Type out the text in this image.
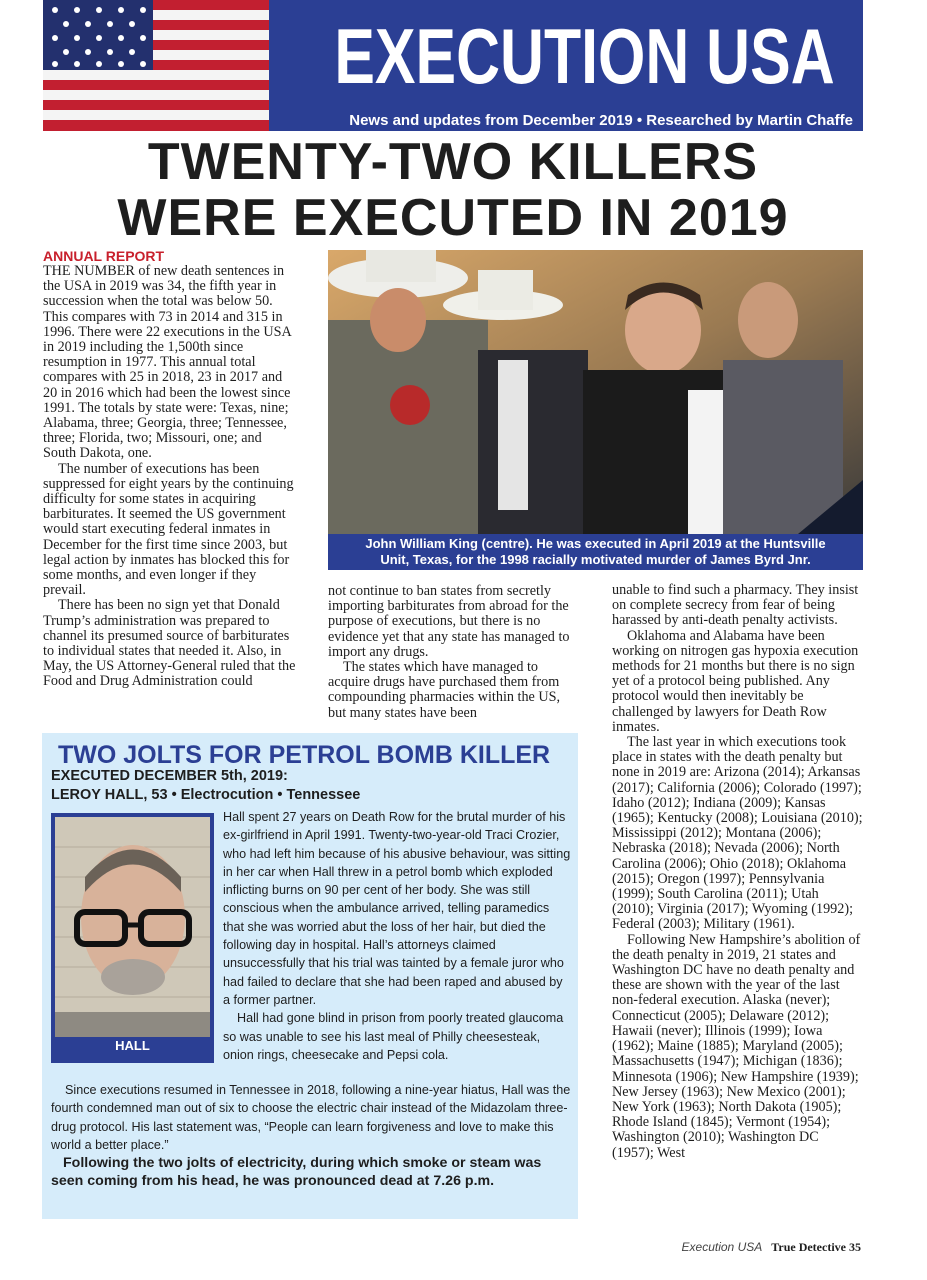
EXECUTION USA
News and updates from December 2019 • Researched by Martin Chaffe
TWENTY-TWO KILLERS
WERE EXECUTED IN 2019
ANNUAL REPORT

THE NUMBER of new death sentences in the USA in 2019 was 34, the fifth year in succession when the total was below 50. This compares with 73 in 2014 and 315 in 1996. There were 22 executions in the USA in 2019 including the 1,500th since resumption in 1977. This annual total compares with 25 in 2018, 23 in 2017 and 20 in 2016 which had been the lowest since 1991. The totals by state were: Texas, nine; Alabama, three; Georgia, three; Tennessee, three; Florida, two; Missouri, one; and South Dakota, one.

The number of executions has been suppressed for eight years by the continuing difficulty for some states in acquiring barbiturates. It seemed the US government would start executing federal inmates in December for the first time since 2003, but legal action by inmates has blocked this for some months, and even longer if they prevail.

There has been no sign yet that Donald Trump’s administration was prepared to channel its presumed source of barbiturates to individual states that needed it. Also, in May, the US Attorney-General ruled that the Food and Drug Administration could

John William King (centre). He was executed in April 2019 at the Huntsville
Unit, Texas, for the 1998 racially motivated murder of James Byrd Jnr.

not continue to ban states from secretly importing barbiturates from abroad for the purpose of executions, but there is no evidence yet that any state has managed to import any drugs.

The states which have managed to acquire drugs have purchased them from compounding pharmacies within the US, but many states have been

unable to find such a pharmacy. They insist on complete secrecy from fear of being harassed by anti-death penalty activists.

Oklahoma and Alabama have been working on nitrogen gas hypoxia execution methods for 21 months but there is no sign yet of a protocol being published. Any protocol would then inevitably be challenged by lawyers for Death Row inmates.

The last year in which executions took place in states with the death penalty but none in 2019 are: Arizona (2014); Arkansas (2017); California (2006); Colorado (1997); Idaho (2012); Indiana (2009); Kansas (1965); Kentucky (2008); Louisiana (2010); Mississippi (2012); Montana (2006); Nebraska (2018); Nevada (2006); North Carolina (2006); Ohio (2018); Oklahoma (2015); Oregon (1997); Pennsylvania (1999); South Carolina (2011); Utah (2010); Virginia (2017); Wyoming (1992); Federal (2003); Military (1961).

Following New Hampshire’s abolition of the death penalty in 2019, 21 states and Washington DC have no death penalty and these are shown with the year of the last non-federal execution. Alaska (never); Connecticut (2005); Delaware (2012); Hawaii (never); Illinois (1999); Iowa (1962); Maine (1885); Maryland (2005); Massachusetts (1947); Michigan (1836); Minnesota (1906); New Hampshire (1939); New Jersey (1963); New Mexico (2001); New York (1963); North Dakota (1905); Rhode Island (1845); Vermont (1954); Washington (2010); Washington DC (1957); West

TWO JOLTS FOR PETROL BOMB KILLER
EXECUTED DECEMBER 5th, 2019:
LEROY HALL, 53 • Electrocution • Tennessee
HALL

Hall spent 27 years on Death Row for the brutal murder of his ex-girlfriend in April 1991. Twenty-two-year-old Traci Crozier, who had left him because of his abusive behaviour, was sitting in her car when Hall threw in a petrol bomb which exploded inflicting burns on 90 per cent of her body. She was still conscious when the ambulance arrived, telling paramedics that she was worried abut the loss of her hair, but died the following day in hospital. Hall’s attorneys claimed unsuccessfully that his trial was tainted by a female juror who had failed to declare that she had been raped and abused by a former partner.

Hall had gone blind in prison from poorly treated glaucoma so was unable to see his last meal of Philly cheesesteak, onion rings, cheesecake and Pepsi cola.

Since executions resumed in Tennessee in 2018, following a nine-year hiatus, Hall was the fourth condemned man out of six to choose the electric chair instead of the Midazolam three-drug protocol. His last statement was, “People can learn forgiveness and love to make this world a better place.”

Following the two jolts of electricity, during which smoke or steam was seen coming from his head, he was pronounced dead at 7.26 p.m.
Execution USA True Detective 35
